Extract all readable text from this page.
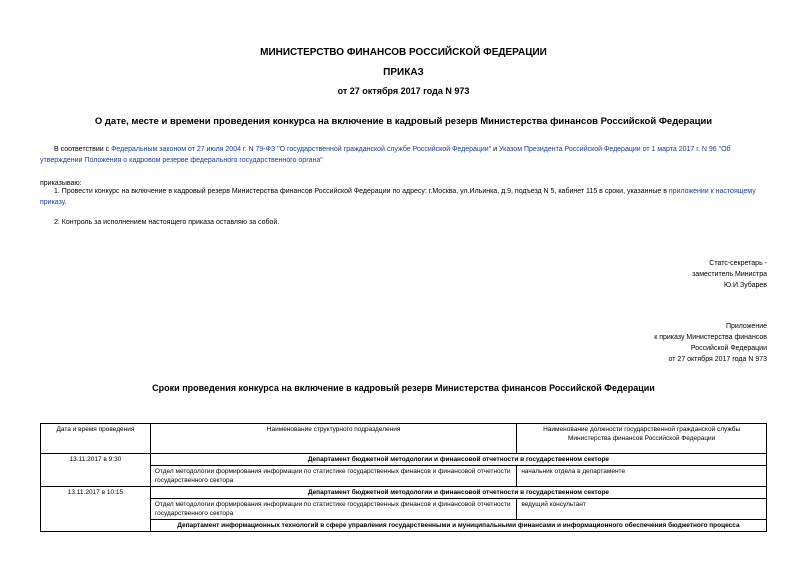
МИНИСТЕРСТВО ФИНАНСОВ РОССИЙСКОЙ ФЕДЕРАЦИИ
ПРИКАЗ
от 27 октября 2017 года N 973
О дате, месте и времени проведения конкурса на включение в кадровый резерв Министерства финансов Российской Федерации
В соответствии с Федеральным законом от 27 июля 2004 г. N 79-ФЗ "О государственной гражданской службе Российской Федерации" и Указом Президента Российской Федерации от 1 марта 2017 г. N 96 "Об утверждении Положения о кадровом резерве федерального государственного органа"
приказываю:
1. Провести конкурс на включение в кадровый резерв Министерства финансов Российской Федерации по адресу: г.Москва, ул.Ильинка, д.9, подъезд N 5, кабинет 115 в сроки, указанные в приложении к настоящему приказу.
2. Контроль за исполнением настоящего приказа оставляю за собой.
Статс-секретарь -
заместитель Министра
Ю.И.Зубарев
Приложение
к приказу Министерства финансов
Российской Федерации
от 27 октября 2017 года N 973
Сроки проведения конкурса на включение в кадровый резерв Министерства финансов Российской Федерации
Дата и время проведения	Наименование структурного подразделения	Наименование должности государственной гражданской службы Министерства финансов Российской Федерации
13.11.2017 в 9:30	Департамент бюджетной методологии и финансовой отчетности в государственном секторе	
	Отдел методологии формирования информации по статистике государственных финансов и финансовой отчетности государственного сектора	начальник отдела в департаменте
13.11.2017 в 10:15	Департамент бюджетной методологии и финансовой отчетности в государственном секторе	
	Отдел методологии формирования информации по статистике государственных финансов и финансовой отчетности государственного сектора	ведущий консультант
	Департамент информационных технологий в сфере управления государственными и муниципальными финансами и информационного обеспечения бюджетного процесса	
